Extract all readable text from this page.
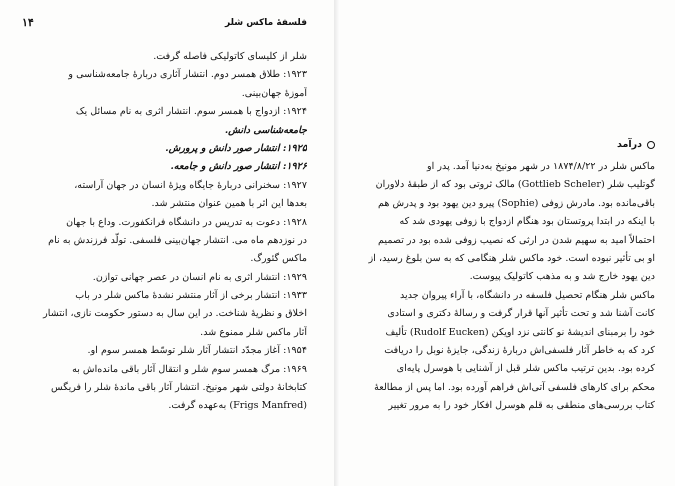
فلسفهٔ ماکس شلر
۱۴
شلر از کلیسای کاتولیکی فاصله گرفت.
۱۹۲۳: طلاق همسر دوم. انتشار آثاری دربارهٔ جامعه‌شناسی و
آموزهٔ جهان‌بینی.
۱۹۲۴: ازدواج با همسر سوم. انتشار اثری به نام مسائل یک
جامعه‌شناسی دانش.
۱۹۲۵: انتشار صور دانش و پرورش.
۱۹۲۶: انتشار صور دانش و جامعه.
۱۹۲۷: سخنرانی دربارهٔ جایگاه ویژهٔ انسان در جهان آراسته،
بعدها این اثر با همین عنوان منتشر شد.
۱۹۲۸: دعوت به تدریس در دانشگاه فرانکفورت. وداع با جهان
در نوزدهم ماه می. انتشار جهان‌بینی فلسفی. تولّد فرزندش به نام
ماکس گئورگ.
۱۹۲۹: انتشار اثری به نام انسان در عصر جهانی توازن.
۱۹۳۳: انتشار برخی از آثار منتشر نشدهٔ ماکس شلر در باب
اخلاق و نظریهٔ شناخت. در این سال به دستور حکومت نازی، انتشار
آثار ماکس شلر ممنوع شد.
۱۹۵۴: آغاز مجدّد انتشار آثار شلر توسّط همسر سوم او.
۱۹۶۹: مرگ همسر سوم شلر و انتقال آثار باقی مانده‌اش به
کتابخانهٔ دولتی شهر مونیخ. انتشار آثار باقی ماندهٔ شلر را فریگس
(Frigs Manfred) به‌عهده گرفت.
درآمد
ماکس شلر در ۱۸۷۴/۸/۲۲ در شهر مونیخ به‌دنیا آمد. پدر او
گوتلیب شلر (Gottlieb Scheler) مالک ثروتی بود که از طبقهٔ دلاوران
باقی‌مانده بود. مادرش زوفی (Sophie) پیرو دین یهود بود و پدرش هم
با اینکه در ابتدا پروتستان بود هنگام ازدواج با زوفی یهودی شد که
احتمالاً امید به سهیم شدن در ارثی که نصیب زوفی شده بود در تصمیم
او بی تأثیر نبوده است. خود ماکس شلر هنگامی که به سن بلوغ رسید، از
دین یهود خارج شد و به مذهب کاتولیک پیوست.
ماکس شلر هنگام تحصیل فلسفه در دانشگاه، با آراء پیروان جدید
کانت آشنا شد و تحت تأثیر آنها قرار گرفت و رسالهٔ دکتری و استادی
خود را برمبنای اندیشهٔ نو کانتی نزد اویکن (Rudolf Eucken) تألیف
کرد که به خاطر آثار فلسفی‌اش دربارهٔ زندگی، جایزهٔ نوبل را دریافت
کرده بود. بدین ترتیب ماکس شلر قبل از آشنایی با هوسرل پایه‌ای
محکم برای کارهای فلسفی آتی‌اش فراهم آورده بود. اما پس از مطالعهٔ
کتاب بررسی‌های منطقی به قلم هوسرل افکار خود را به مرور تغییر
